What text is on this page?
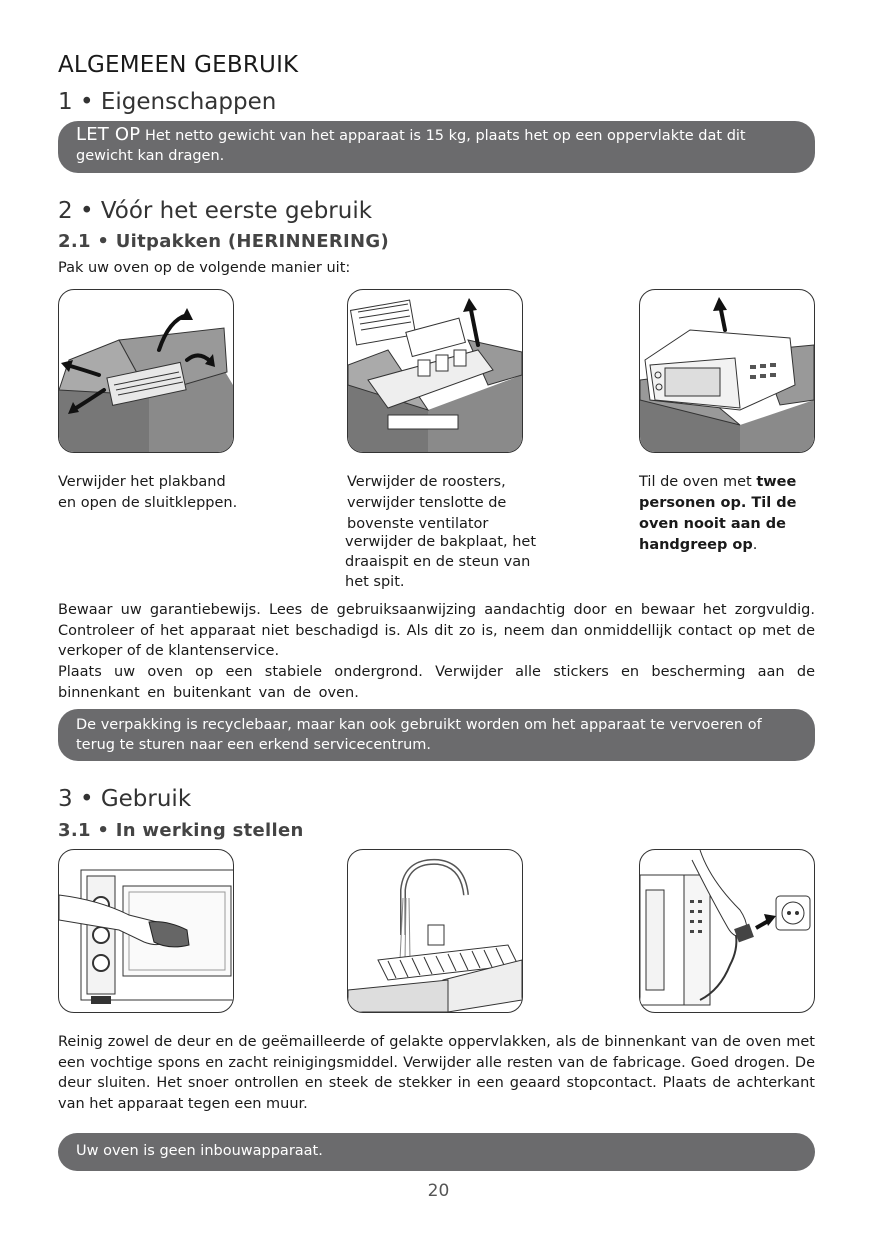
ALGEMEEN GEBRUIK
1 • Eigenschappen
LET OP Het netto gewicht van het apparaat is 15 kg, plaats het op een oppervlakte dat dit gewicht kan dragen.
2 • Vóór het eerste gebruik
2.1 • Uitpakken (HERINNERING)

Pak uw oven op de volgende manier uit:

Verwijder het plakband en open de sluitkleppen.

Verwijder de roosters, verwijder tenslotte de bovenste ventilator

verwijder de bakplaat, het draaispit en de steun van het spit.

Til de oven met twee personen op. Til de oven nooit aan de handgreep op.

Bewaar uw garantiebewijs. Lees de gebruiksaanwijzing aandachtig door en bewaar het zorgvuldig. Controleer of het apparaat niet beschadigd is. Als dit zo is, neem dan onmiddellijk contact op met de verkoper of de klantenservice.

Plaats uw oven op een stabiele ondergrond. Verwijder alle stickers en bescherming aan de binnenkant en buitenkant van de oven.

De verpakking is recyclebaar, maar kan ook gebruikt worden om het apparaat te vervoeren of terug te sturen naar een erkend servicecentrum.
3 • Gebruik
3.1 • In werking stellen

Reinig zowel de deur en de geëmailleerde of gelakte oppervlakken, als de binnenkant van de oven met een vochtige spons en zacht reinigingsmiddel. Verwijder alle resten van de fabricage. Goed drogen. De deur sluiten. Het snoer ontrollen en steek de stekker in een geaard stopcontact. Plaats de achterkant van het apparaat tegen een muur.

Uw oven is geen inbouwapparaat.
20
